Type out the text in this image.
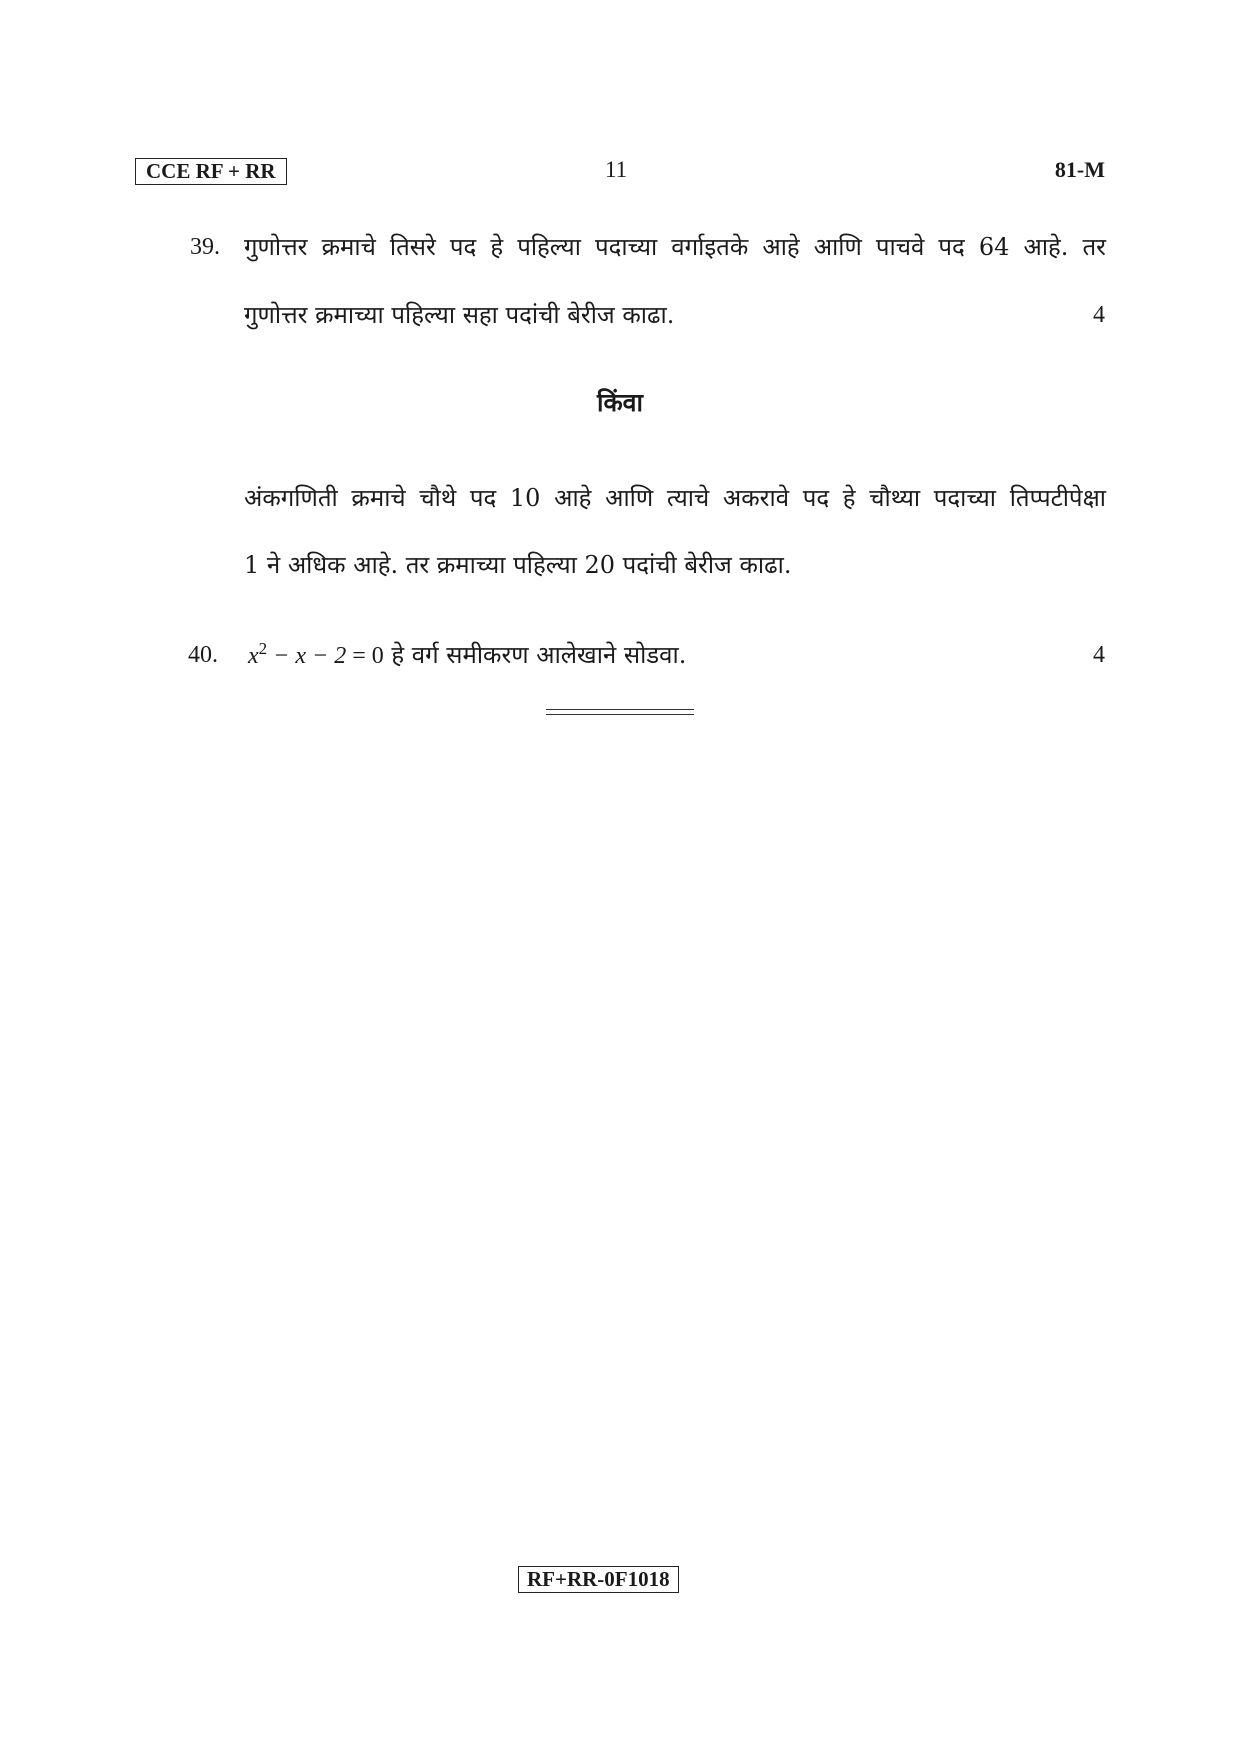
CCE RF + RR	11	81-M
39. गुणोत्तर क्रमाचे तिसरे पद हे पहिल्या पदाच्या वर्गाइतके आहे आणि पाचवे पद 64 आहे. तर
गुणोत्तर क्रमाच्या पहिल्या सहा पदांची बेरीज काढा.	4
किंवा
अंकगणिती क्रमाचे चौथे पद 10 आहे आणि त्याचे अकरावे पद हे चौथ्या पदाच्या तिप्पटीपेक्षा
1 ने अधिक आहे. तर क्रमाच्या पहिल्या 20 पदांची बेरीज काढा.
40. $x^2 - x - 2 = 0$ हे वर्ग समीकरण आलेखाने सोडवा.	4
RF+RR-0F1018
